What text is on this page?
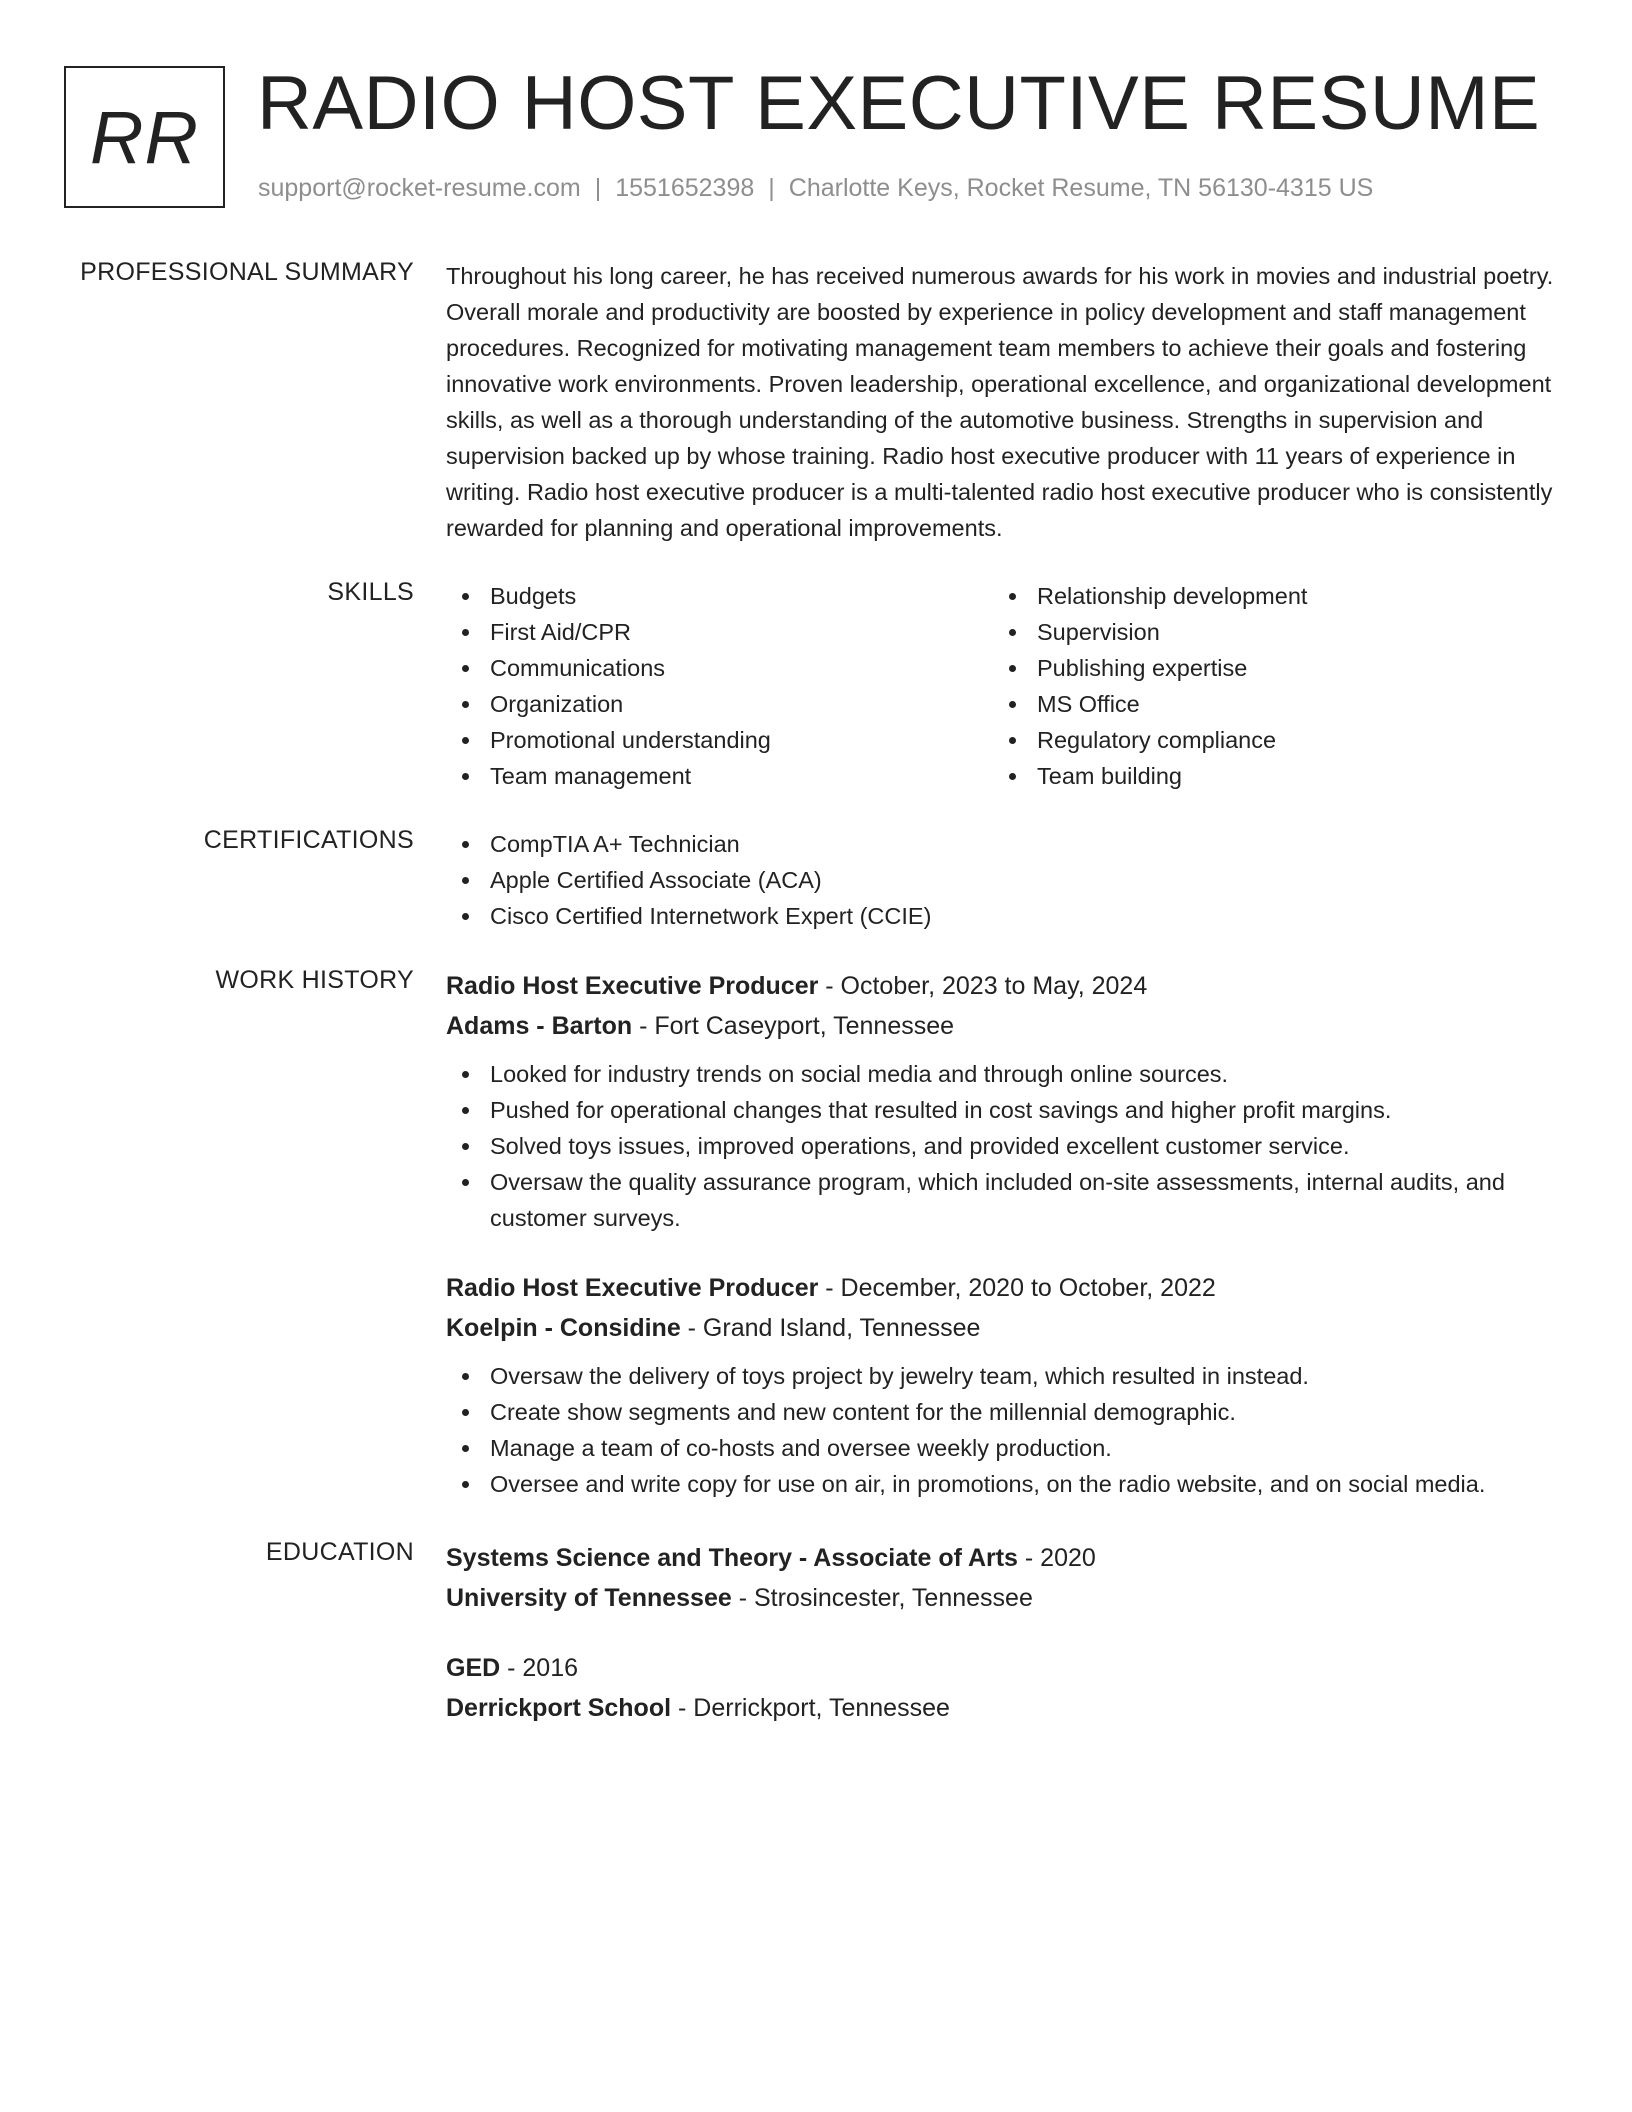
RR RADIO HOST EXECUTIVE RESUME
support@rocket-resume.com | 1551652398 | Charlotte Keys, Rocket Resume, TN 56130-4315 US
PROFESSIONAL SUMMARY Throughout his long career, he has received numerous awards for his work in movies and industrial poetry. Overall morale and productivity are boosted by experience in policy development and staff management procedures. Recognized for motivating management team members to achieve their goals and fostering innovative work environments. Proven leadership, operational excellence, and organizational development skills, as well as a thorough understanding of the automotive business. Strengths in supervision and supervision backed up by whose training. Radio host executive producer with 11 years of experience in writing. Radio host executive producer is a multi-talented radio host executive producer who is consistently rewarded for planning and operational improvements.
SKILLS	Budgets
First Aid/CPR
Communications
Organization
Promotional understanding
Team management
Relationship development
Supervision
Publishing expertise
MS Office
Regulatory compliance
Team building
CERTIFICATIONS	CompTIA A+ Technician
Apple Certified Associate (ACA)
Cisco Certified Internetwork Expert (CCIE)
WORK HISTORY Radio Host Executive Producer - October, 2023 to May, 2024
Adams - Barton - Fort Caseyport, Tennessee
Looked for industry trends on social media and through online sources.
Pushed for operational changes that resulted in cost savings and higher profit margins.
Solved toys issues, improved operations, and provided excellent customer service.
Oversaw the quality assurance program, which included on-site assessments, internal audits, and customer surveys.
Radio Host Executive Producer - December, 2020 to October, 2022
Koelpin - Considine - Grand Island, Tennessee
Oversaw the delivery of toys project by jewelry team, which resulted in instead.
Create show segments and new content for the millennial demographic.
Manage a team of co-hosts and oversee weekly production.
Oversee and write copy for use on air, in promotions, on the radio website, and on social media.
EDUCATION Systems Science and Theory - Associate of Arts - 2020
University of Tennessee - Strosincester, Tennessee
GED - 2016
Derrickport School - Derrickport, Tennessee
